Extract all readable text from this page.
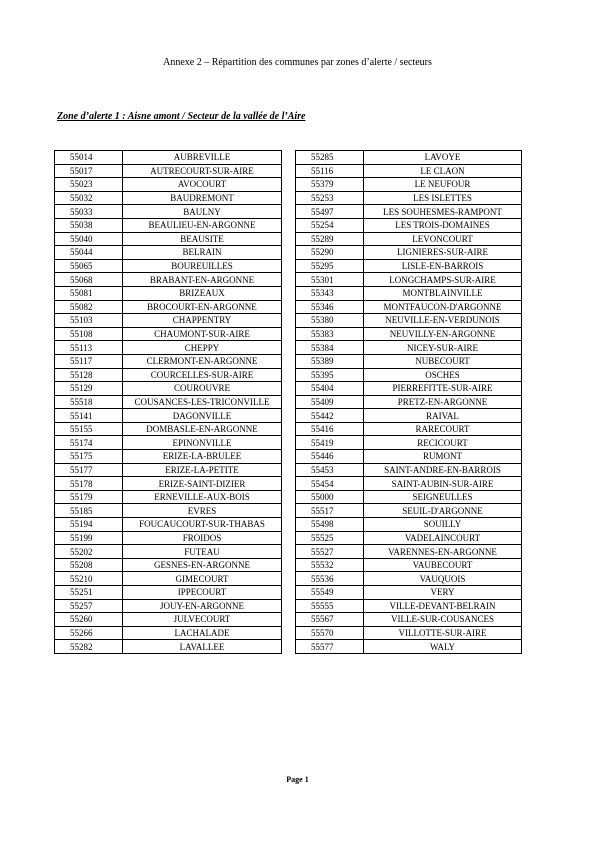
Annexe 2 – Répartition des communes par zones d’alerte / secteurs
Zone d’alerte 1 : Aisne amont / Secteur de la vallée de l’Aire
55014	AUBREVILLE
55017	AUTRECOURT-SUR-AIRE
55023	AVOCOURT
55032	BAUDREMONT
55033	BAULNY
55038	BEAULIEU-EN-ARGONNE
55040	BEAUSITE
55044	BELRAIN
55065	BOUREUILLES
55068	BRABANT-EN-ARGONNE
55081	BRIZEAUX
55082	BROCOURT-EN-ARGONNE
55103	CHAPPENTRY
55108	CHAUMONT-SUR-AIRE
55113	CHEPPY
55117	CLERMONT-EN-ARGONNE
55128	COURCELLES-SUR-AIRE
55129	COUROUVRE
55518	COUSANCES-LES-TRICONVILLE
55141	DAGONVILLE
55155	DOMBASLE-EN-ARGONNE
55174	EPINONVILLE
55175	ERIZE-LA-BRULEE
55177	ERIZE-LA-PETITE
55178	ERIZE-SAINT-DIZIER
55179	ERNEVILLE-AUX-BOIS
55185	EVRES
55194	FOUCAUCOURT-SUR-THABAS
55199	FROIDOS
55202	FUTEAU
55208	GESNES-EN-ARGONNE
55210	GIMECOURT
55251	IPPECOURT
55257	JOUY-EN-ARGONNE
55260	JULVECOURT
55266	LACHALADE
55282	LAVALLEE
55285	LAVOYE
55116	LE CLAON
55379	LE NEUFOUR
55253	LES ISLETTES
55497	LES SOUHESMES-RAMPONT
55254	LES TROIS-DOMAINES
55289	LEVONCOURT
55290	LIGNIERES-SUR-AIRE
55295	LISLE-EN-BARROIS
55301	LONGCHAMPS-SUR-AIRE
55343	MONTBLAINVILLE
55346	MONTFAUCON-D'ARGONNE
55380	NEUVILLE-EN-VERDUNOIS
55383	NEUVILLY-EN-ARGONNE
55384	NICEY-SUR-AIRE
55389	NUBECOURT
55395	OSCHES
55404	PIERREFITTE-SUR-AIRE
55409	PRETZ-EN-ARGONNE
55442	RAIVAL
55416	RARECOURT
55419	RECICOURT
55446	RUMONT
55453	SAINT-ANDRE-EN-BARROIS
55454	SAINT-AUBIN-SUR-AIRE
55000	SEIGNEULLES
55517	SEUIL-D'ARGONNE
55498	SOUILLY
55525	VADELAINCOURT
55527	VARENNES-EN-ARGONNE
55532	VAUBECOURT
55536	VAUQUOIS
55549	VERY
55555	VILLE-DEVANT-BELRAIN
55567	VILLE-SUR-COUSANCES
55570	VILLOTTE-SUR-AIRE
55577	WALY
Page 1
